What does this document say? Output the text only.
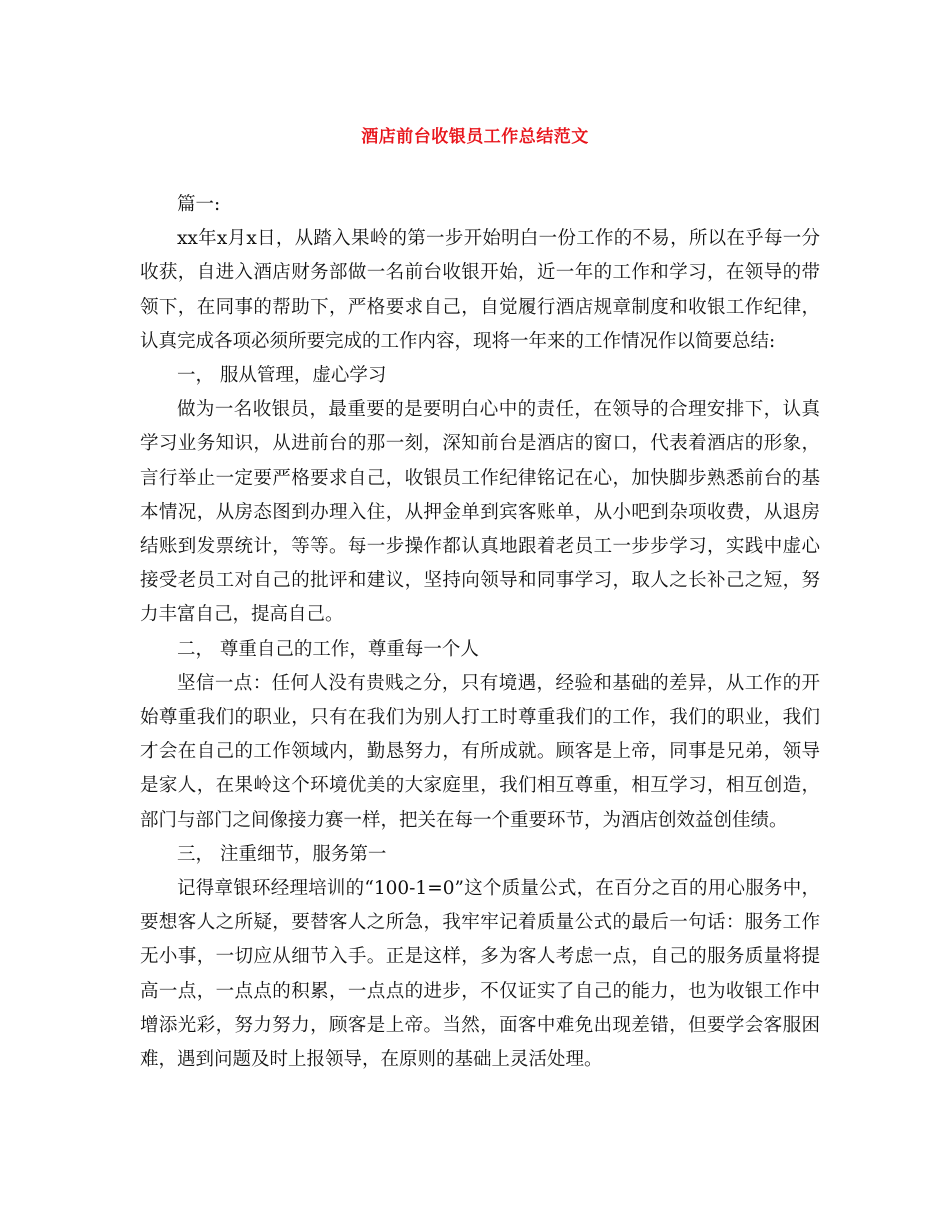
酒店前台收银员工作总结范文

篇一:

xx年x月x日，从踏入果岭的第一步开始明白一份工作的不易，所以在乎每一分收获，自进入酒店财务部做一名前台收银开始，近一年的工作和学习，在领导的带领下，在同事的帮助下，严格要求自己，自觉履行酒店规章制度和收银工作纪律，认真完成各项必须所要完成的工作内容，现将一年来的工作情况作以简要总结:

一， 服从管理，虚心学习

做为一名收银员，最重要的是要明白心中的责任，在领导的合理安排下，认真学习业务知识，从进前台的那一刻，深知前台是酒店的窗口，代表着酒店的形象，言行举止一定要严格要求自己，收银员工作纪律铭记在心，加快脚步熟悉前台的基本情况，从房态图到办理入住，从押金单到宾客账单，从小吧到杂项收费，从退房结账到发票统计，等等。每一步操作都认真地跟着老员工一步步学习，实践中虚心接受老员工对自己的批评和建议，坚持向领导和同事学习，取人之长补己之短，努力丰富自己，提高自己。

二， 尊重自己的工作，尊重每一个人

坚信一点：任何人没有贵贱之分，只有境遇，经验和基础的差异，从工作的开始尊重我们的职业，只有在我们为别人打工时尊重我们的工作，我们的职业，我们才会在自己的工作领域内，勤恳努力，有所成就。顾客是上帝，同事是兄弟，领导是家人，在果岭这个环境优美的大家庭里，我们相互尊重，相互学习，相互创造，部门与部门之间像接力赛一样，把关在每一个重要环节，为酒店创效益创佳绩。

三， 注重细节，服务第一

记得章银环经理培训的“100-1=0”这个质量公式，在百分之百的用心服务中，要想客人之所疑，要替客人之所急，我牢牢记着质量公式的最后一句话：服务工作无小事，一切应从细节入手。正是这样，多为客人考虑一点，自己的服务质量将提高一点，一点点的积累，一点点的进步，不仅证实了自己的能力，也为收银工作中增添光彩，努力努力，顾客是上帝。当然，面客中难免出现差错，但要学会客服困难，遇到问题及时上报领导，在原则的基础上灵活处理。
